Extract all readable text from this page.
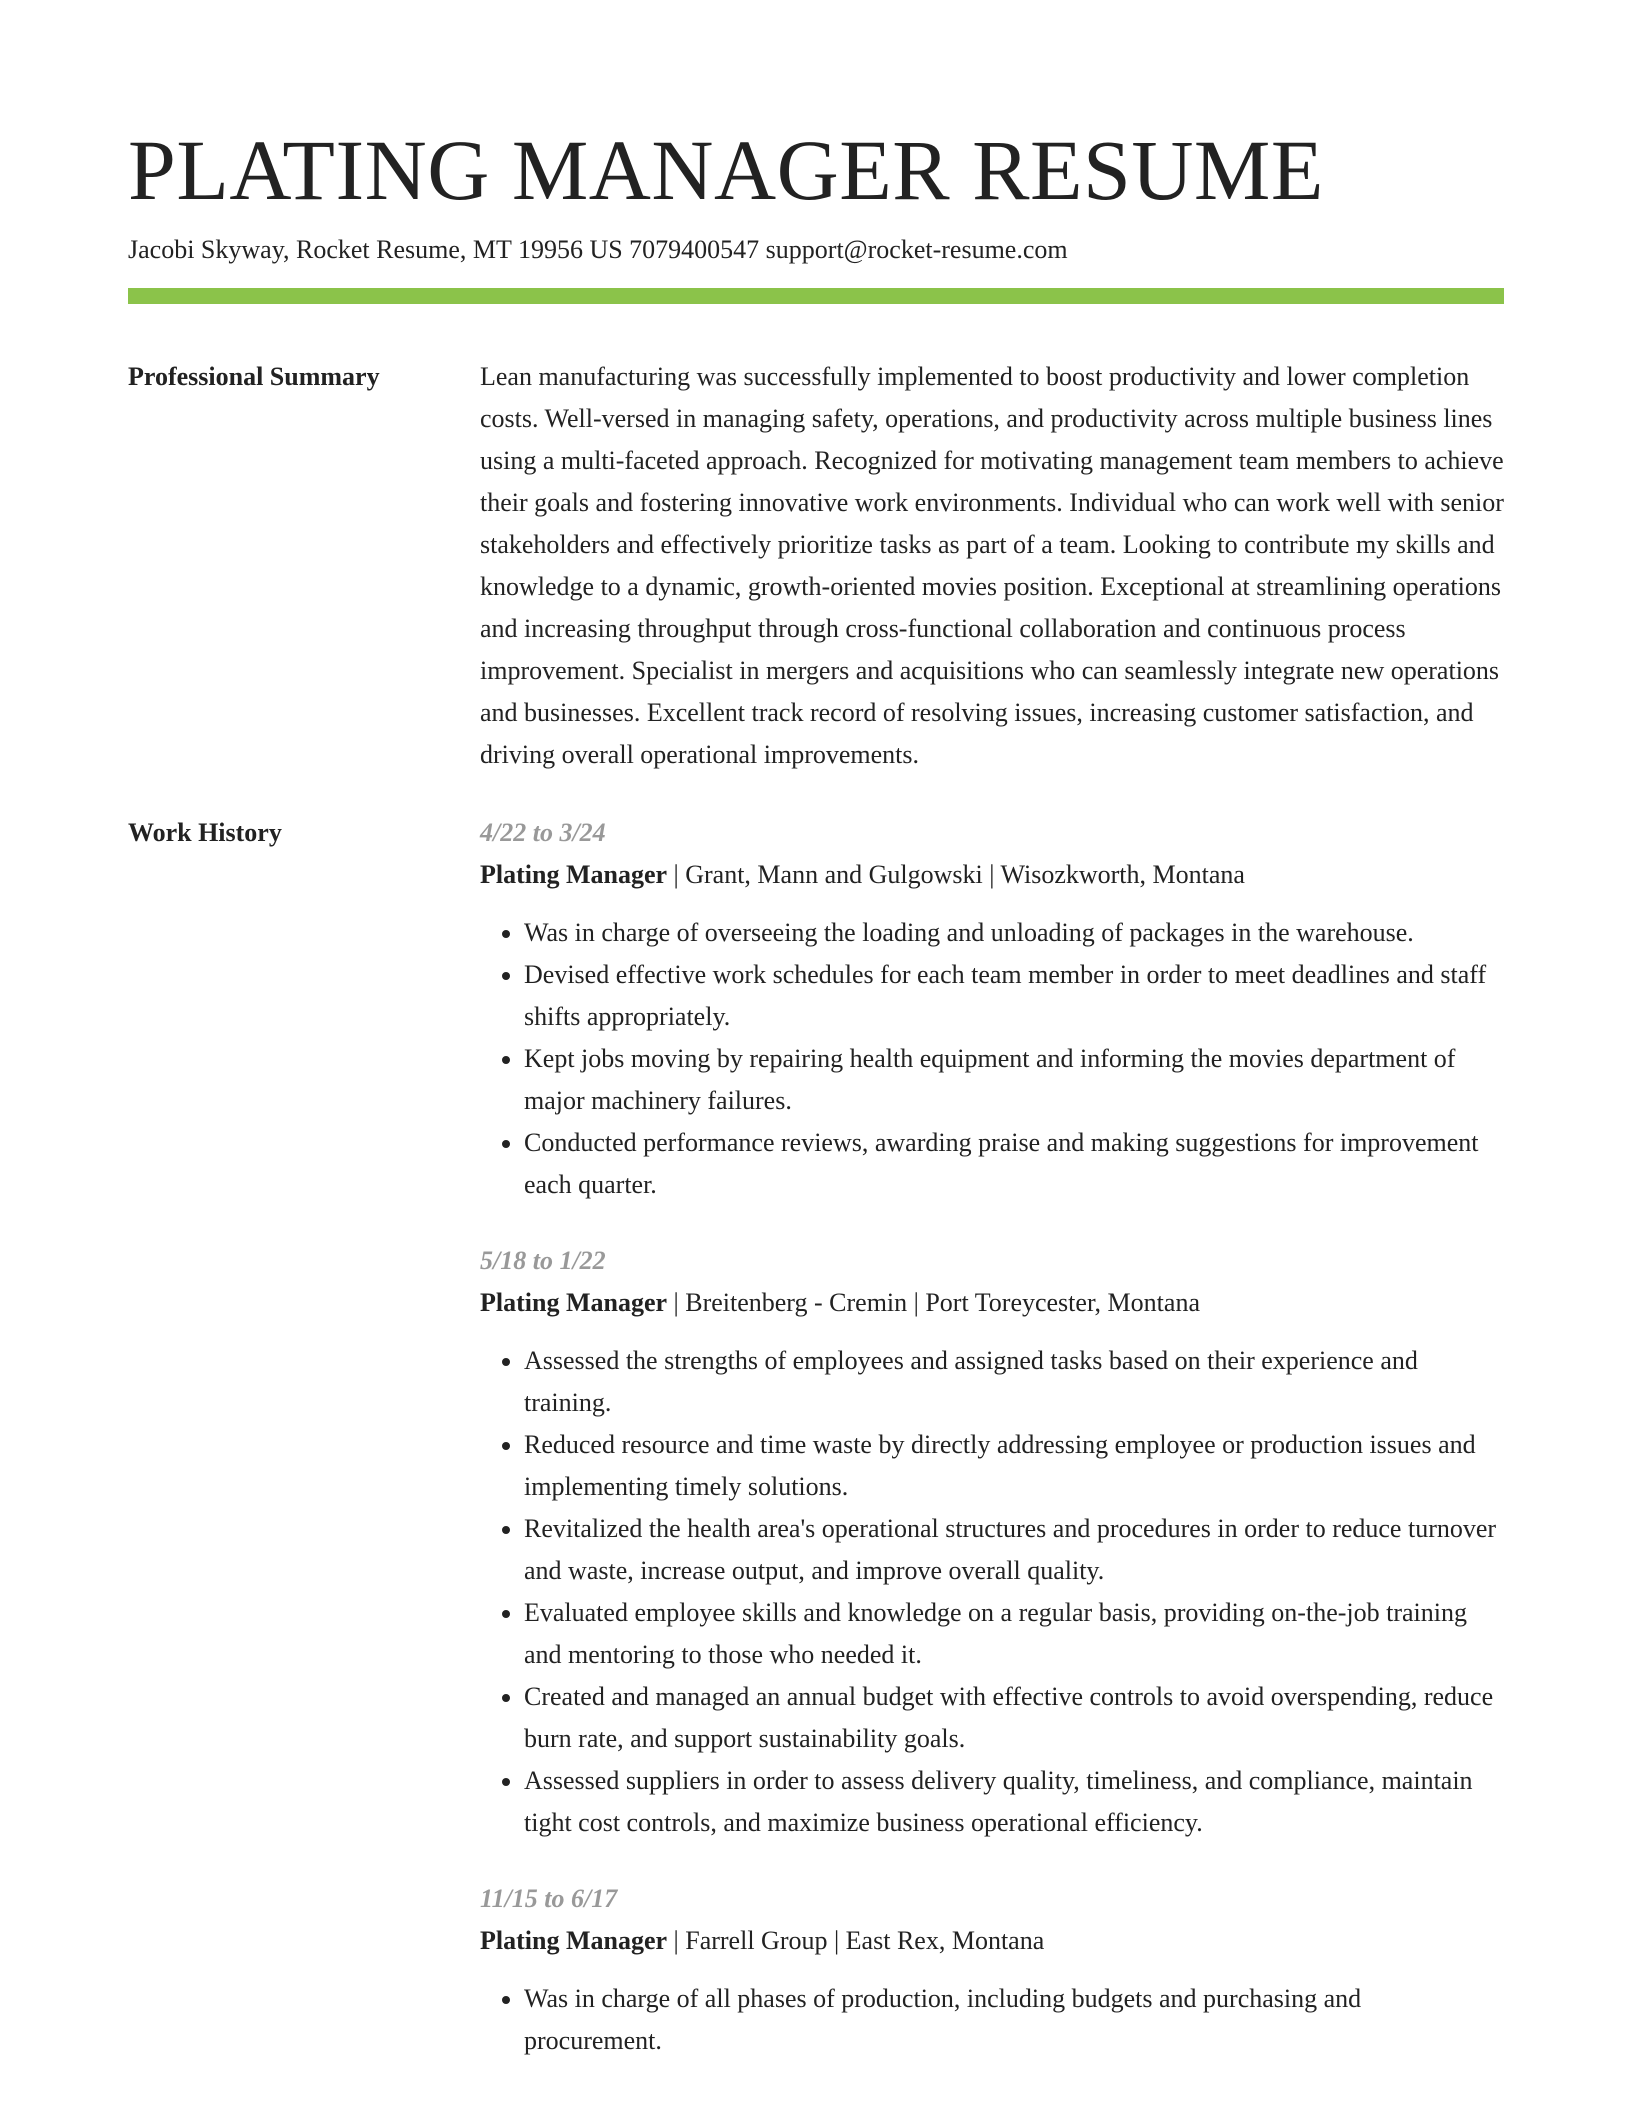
PLATING MANAGER RESUME
Jacobi Skyway, Rocket Resume, MT 19956 US 7079400547 support@rocket-resume.com
Professional Summary	Lean manufacturing was successfully implemented to boost productivity and lower completion costs. Well-versed in managing safety, operations, and productivity across multiple business lines using a multi-faceted approach. Recognized for motivating management team members to achieve their goals and fostering innovative work environments. Individual who can work well with senior stakeholders and effectively prioritize tasks as part of a team. Looking to contribute my skills and knowledge to a dynamic, growth-oriented movies position. Exceptional at streamlining operations and increasing throughput through cross-functional collaboration and continuous process improvement. Specialist in mergers and acquisitions who can seamlessly integrate new operations and businesses. Excellent track record of resolving issues, increasing customer satisfaction, and driving overall operational improvements.

Work History	4/22 to 3/24
Plating Manager | Grant, Mann and Gulgowski | Wisozkworth, Montana
• Was in charge of overseeing the loading and unloading of packages in the warehouse.
• Devised effective work schedules for each team member in order to meet deadlines and staff shifts appropriately.
• Kept jobs moving by repairing health equipment and informing the movies department of major machinery failures.
• Conducted performance reviews, awarding praise and making suggestions for improvement each quarter.
5/18 to 1/22
Plating Manager | Breitenberg - Cremin | Port Toreycester, Montana
• Assessed the strengths of employees and assigned tasks based on their experience and training.
• Reduced resource and time waste by directly addressing employee or production issues and implementing timely solutions.
• Revitalized the health area's operational structures and procedures in order to reduce turnover and waste, increase output, and improve overall quality.
• Evaluated employee skills and knowledge on a regular basis, providing on-the-job training and mentoring to those who needed it.
• Created and managed an annual budget with effective controls to avoid overspending, reduce burn rate, and support sustainability goals.
• Assessed suppliers in order to assess delivery quality, timeliness, and compliance, maintain tight cost controls, and maximize business operational efficiency.
11/15 to 6/17
Plating Manager | Farrell Group | East Rex, Montana
• Was in charge of all phases of production, including budgets and purchasing and procurement.
